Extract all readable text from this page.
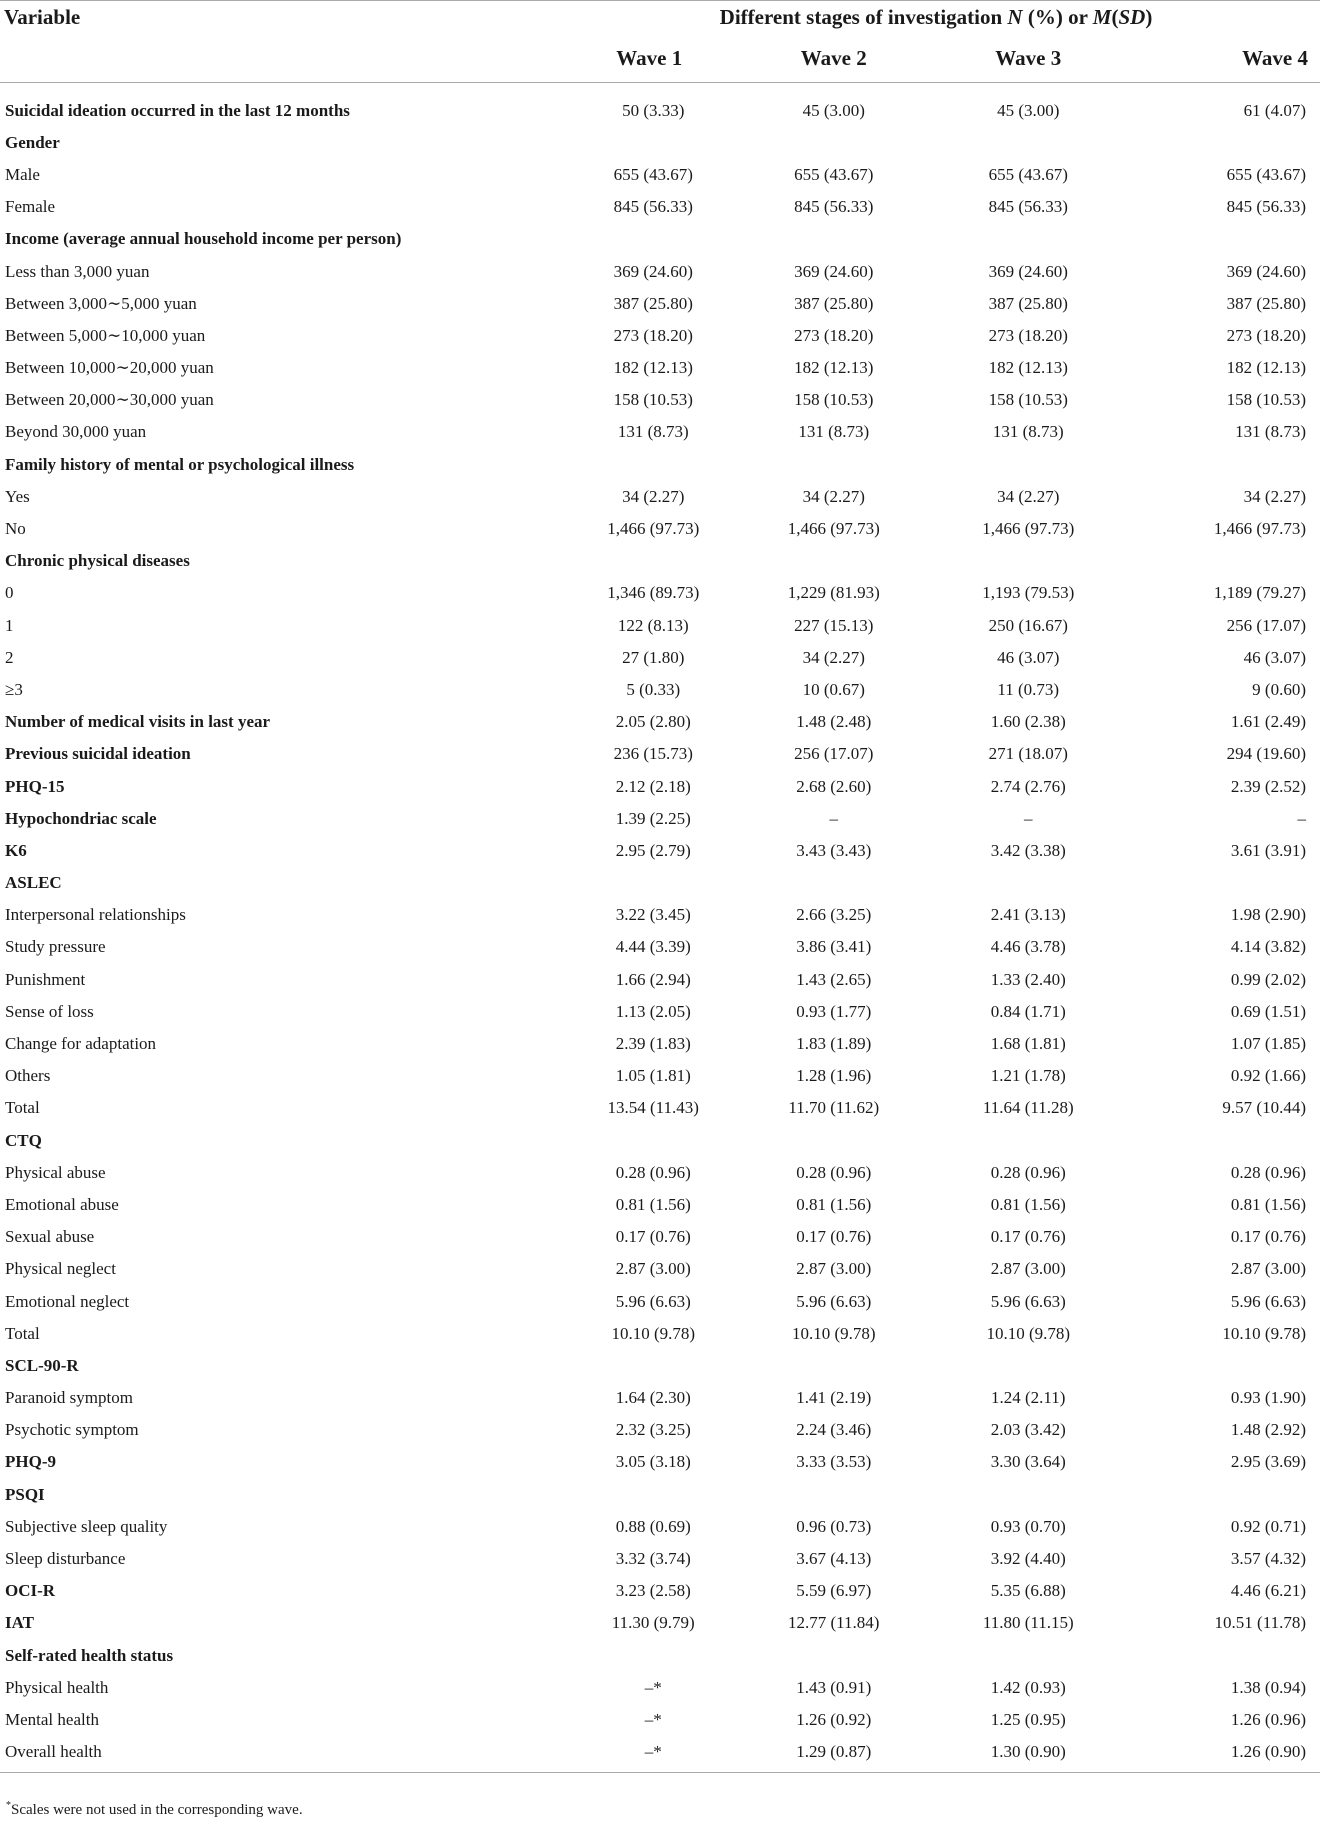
Variable	Different stages of investigation N (%) or M(SD)			
	Wave 1	Wave 2	Wave 3	Wave 4

Suicidal ideation occurred in the last 12 months	50 (3.33)	45 (3.00)	45 (3.00)	61 (4.07)
Gender				
Male	655 (43.67)	655 (43.67)	655 (43.67)	655 (43.67)
Female	845 (56.33)	845 (56.33)	845 (56.33)	845 (56.33)
Income (average annual household income per person)				
Less than 3,000 yuan	369 (24.60)	369 (24.60)	369 (24.60)	369 (24.60)
Between 3,000∼5,000 yuan	387 (25.80)	387 (25.80)	387 (25.80)	387 (25.80)
Between 5,000∼10,000 yuan	273 (18.20)	273 (18.20)	273 (18.20)	273 (18.20)
Between 10,000∼20,000 yuan	182 (12.13)	182 (12.13)	182 (12.13)	182 (12.13)
Between 20,000∼30,000 yuan	158 (10.53)	158 (10.53)	158 (10.53)	158 (10.53)
Beyond 30,000 yuan	131 (8.73)	131 (8.73)	131 (8.73)	131 (8.73)
Family history of mental or psychological illness				
Yes	34 (2.27)	34 (2.27)	34 (2.27)	34 (2.27)
No	1,466 (97.73)	1,466 (97.73)	1,466 (97.73)	1,466 (97.73)
Chronic physical diseases				
0	1,346 (89.73)	1,229 (81.93)	1,193 (79.53)	1,189 (79.27)
1	122 (8.13)	227 (15.13)	250 (16.67)	256 (17.07)
2	27 (1.80)	34 (2.27)	46 (3.07)	46 (3.07)
≥3	5 (0.33)	10 (0.67)	11 (0.73)	9 (0.60)
Number of medical visits in last year	2.05 (2.80)	1.48 (2.48)	1.60 (2.38)	1.61 (2.49)
Previous suicidal ideation	236 (15.73)	256 (17.07)	271 (18.07)	294 (19.60)
PHQ-15	2.12 (2.18)	2.68 (2.60)	2.74 (2.76)	2.39 (2.52)
Hypochondriac scale	1.39 (2.25)	–	–	–
K6	2.95 (2.79)	3.43 (3.43)	3.42 (3.38)	3.61 (3.91)
ASLEC				
Interpersonal relationships	3.22 (3.45)	2.66 (3.25)	2.41 (3.13)	1.98 (2.90)
Study pressure	4.44 (3.39)	3.86 (3.41)	4.46 (3.78)	4.14 (3.82)
Punishment	1.66 (2.94)	1.43 (2.65)	1.33 (2.40)	0.99 (2.02)
Sense of loss	1.13 (2.05)	0.93 (1.77)	0.84 (1.71)	0.69 (1.51)
Change for adaptation	2.39 (1.83)	1.83 (1.89)	1.68 (1.81)	1.07 (1.85)
Others	1.05 (1.81)	1.28 (1.96)	1.21 (1.78)	0.92 (1.66)
Total	13.54 (11.43)	11.70 (11.62)	11.64 (11.28)	9.57 (10.44)
CTQ				
Physical abuse	0.28 (0.96)	0.28 (0.96)	0.28 (0.96)	0.28 (0.96)
Emotional abuse	0.81 (1.56)	0.81 (1.56)	0.81 (1.56)	0.81 (1.56)
Sexual abuse	0.17 (0.76)	0.17 (0.76)	0.17 (0.76)	0.17 (0.76)
Physical neglect	2.87 (3.00)	2.87 (3.00)	2.87 (3.00)	2.87 (3.00)
Emotional neglect	5.96 (6.63)	5.96 (6.63)	5.96 (6.63)	5.96 (6.63)
Total	10.10 (9.78)	10.10 (9.78)	10.10 (9.78)	10.10 (9.78)
SCL-90-R				
Paranoid symptom	1.64 (2.30)	1.41 (2.19)	1.24 (2.11)	0.93 (1.90)
Psychotic symptom	2.32 (3.25)	2.24 (3.46)	2.03 (3.42)	1.48 (2.92)
PHQ-9	3.05 (3.18)	3.33 (3.53)	3.30 (3.64)	2.95 (3.69)
PSQI				
Subjective sleep quality	0.88 (0.69)	0.96 (0.73)	0.93 (0.70)	0.92 (0.71)
Sleep disturbance	3.32 (3.74)	3.67 (4.13)	3.92 (4.40)	3.57 (4.32)
OCI-R	3.23 (2.58)	5.59 (6.97)	5.35 (6.88)	4.46 (6.21)
IAT	11.30 (9.79)	12.77 (11.84)	11.80 (11.15)	10.51 (11.78)
Self-rated health status				
Physical health	–*	1.43 (0.91)	1.42 (0.93)	1.38 (0.94)
Mental health	–*	1.26 (0.92)	1.25 (0.95)	1.26 (0.96)
Overall health	–*	1.29 (0.87)	1.30 (0.90)	1.26 (0.90)
*Scales were not used in the corresponding wave.
